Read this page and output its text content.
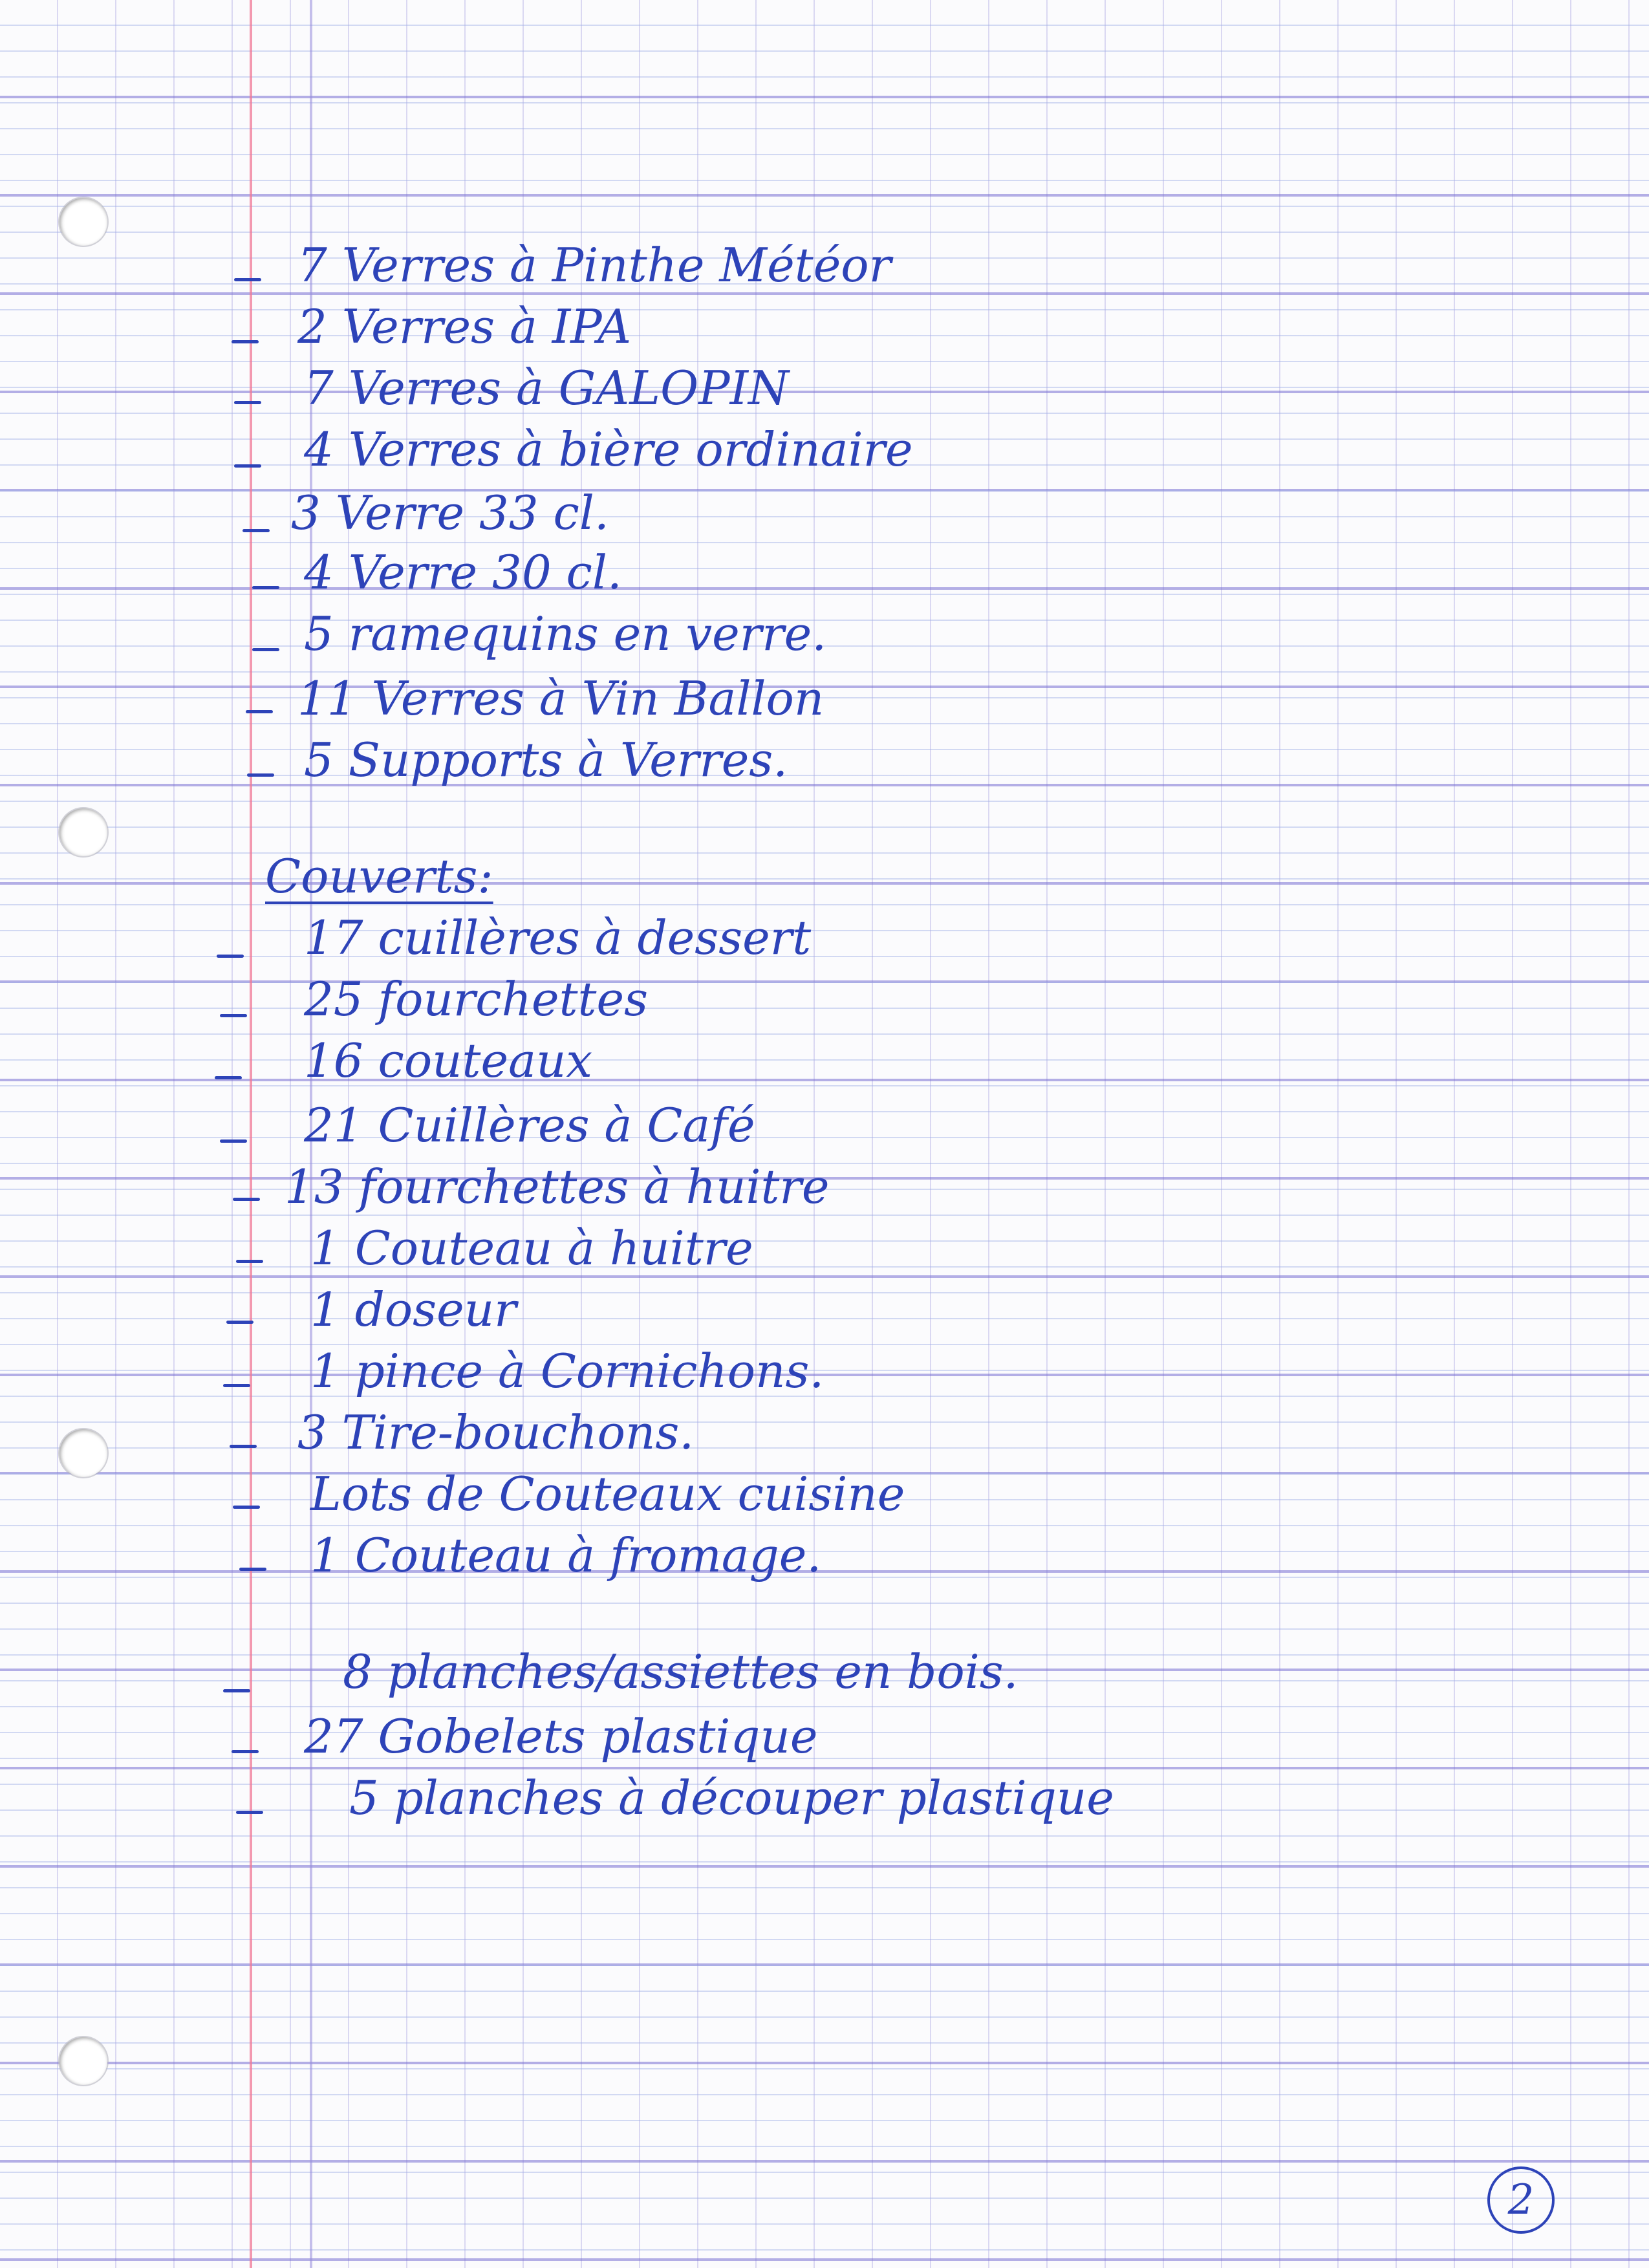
7 Verres à Pinthe Météor
2 Verres à IPA
7 Verres à GALOPIN
4 Verres à bière ordinaire
3 Verre 33 cl.
4 Verre 30 cl.
5 ramequins en verre.
11 Verres à Vin Ballon
5 Supports à Verres.
Couverts:
17 cuillères à dessert
25 fourchettes
16 couteaux
21 Cuillères à Café
13 fourchettes à huitre
1 Couteau à huitre
1 doseur
1 pince à Cornichons.
3 Tire-bouchons.
Lots de Couteaux cuisine
1 Couteau à fromage.
8 planches/assiettes en bois.
27 Gobelets plastique
5 planches à découper plastique
2
